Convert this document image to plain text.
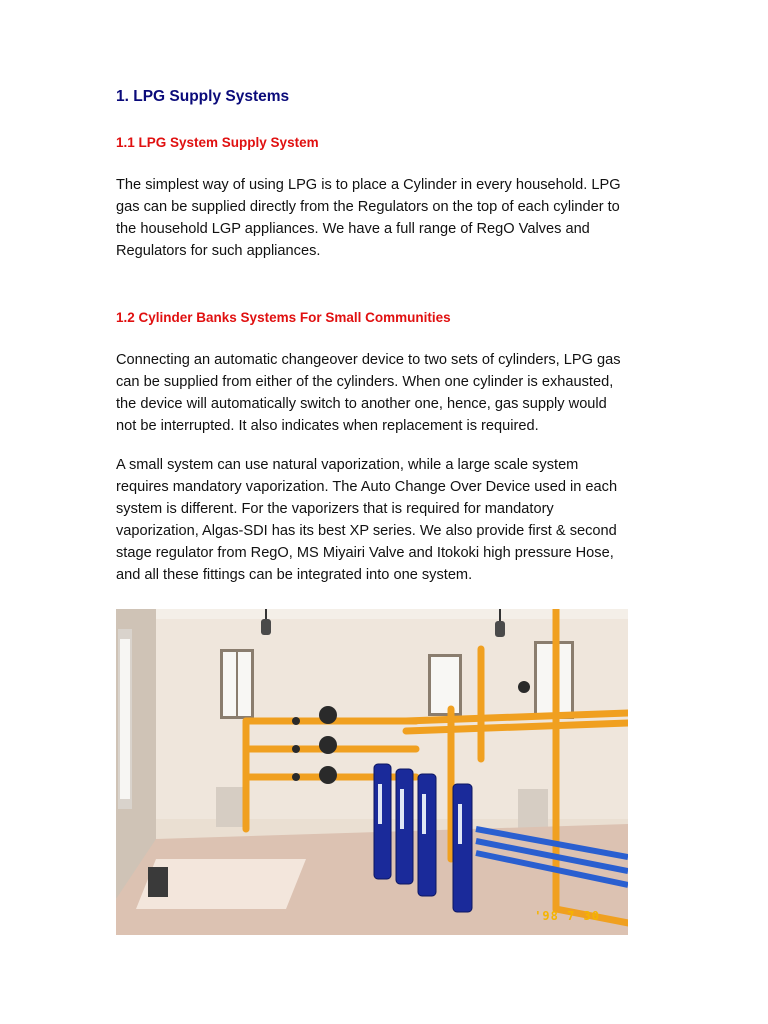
1. LPG Supply Systems
1.1 LPG System Supply System

The simplest way of using LPG is to place a Cylinder in every household. LPG
gas can be supplied directly from the Regulators on the top of each cylinder to
the household LGP appliances. We have a full range of RegO Valves and
Regulators for such appliances.

1.2 Cylinder Banks Systems For Small Communities

Connecting an automatic changeover device to two sets of cylinders, LPG gas
can be supplied from either of the cylinders. When one cylinder is exhausted,
the device will automatically switch to another one, hence, gas supply would
not be interrupted. It also indicates when replacement is required.

A small system can use natural vaporization, while a large scale system
requires mandatory vaporization. The Auto Change Over Device used in each
system is different. For the vaporizers that is required for mandatory
vaporization, Algas-SDI has its best XP series. We also provide first & second
stage regulator from RegO, MS Miyairi Valve and Itokoki high pressure Hose,
and all these fittings can be integrated into one system.

'98 7 30
